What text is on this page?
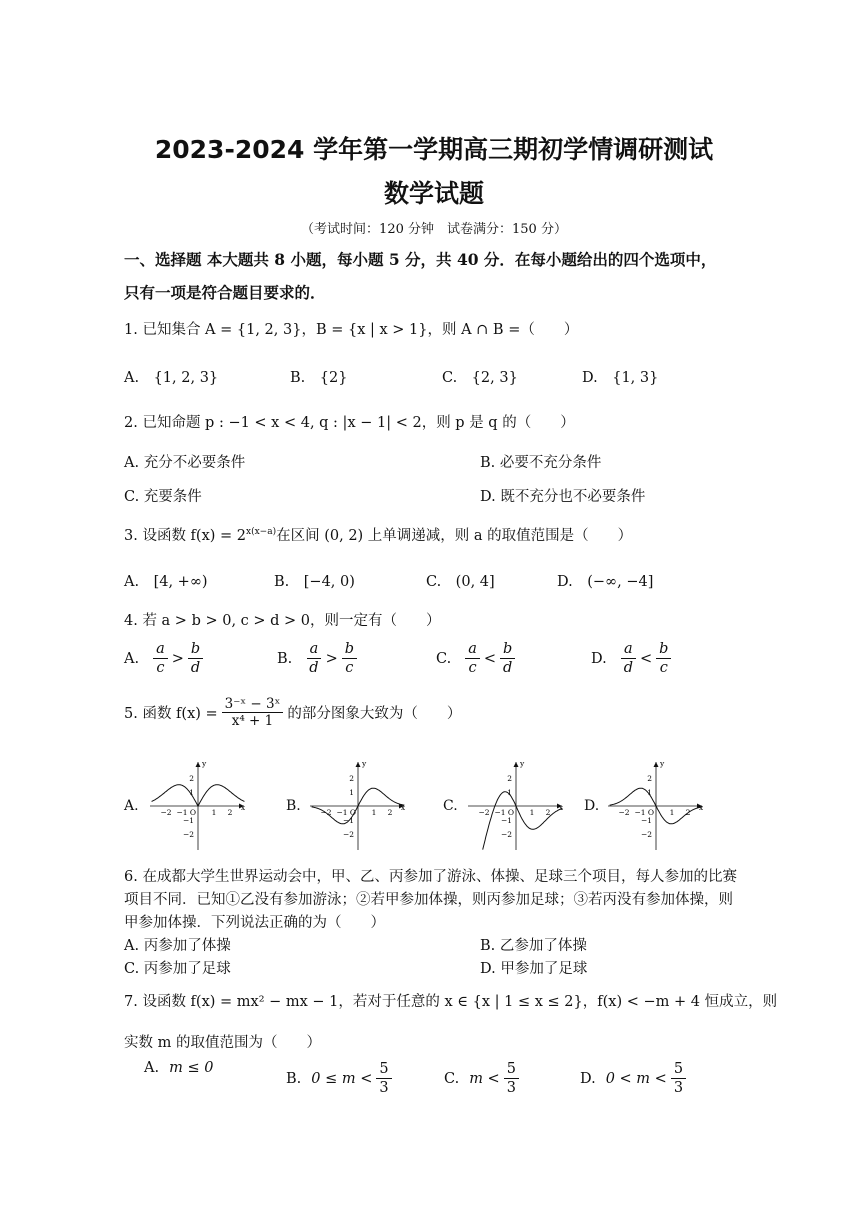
2023-2024 学年第一学期高三期初学情调研测试
数学试题
（考试时间：120 分钟　试卷满分：150 分）
一、选择题 本大题共 8 小题，每小题 5 分，共 40 分．在每小题给出的四个选项中，
只有一项是符合题目要求的．
1. 已知集合 A = {1, 2, 3}，B = {x | x > 1}，则 A ∩ B =（　　）
A.　{1, 2, 3}	B.　{2}	C.　{2, 3}	D.　{1, 3}
2. 已知命题 p : −1 < x < 4, q : |x − 1| < 2，则 p 是 q 的（　　）
A. 充分不必要条件	B. 必要不充分条件
C. 充要条件	D. 既不充分也不必要条件
3. 设函数 $f(x) = 2^{x(x-a)}$在区间 (0, 2) 上单调递减，则 a 的取值范围是（　　）
A.　[4, +∞)	B.　[−4, 0)	C.　(0, 4]	D.　(−∞, −4]
4. 若 a > b > 0, c > d > 0，则一定有（　　）
A. $\frac{a}{c} > \frac{b}{d}$	B. $\frac{a}{d} > \frac{b}{c}$	C. $\frac{a}{c} < \frac{b}{d}$	D. $\frac{a}{d} < \frac{b}{c}$
5. 函数 $f(x) = \frac{\text{3⁻ˣ − 3ˣ}}{\text{x⁴ + 1}}$ 的部分图象大致为（　　）
A.	−2 −1 O 1 2
x
y
2
1
−1
−2
B.	−2 −1 O 1 2
x
y
2
1
−1
−2
C.	−2 −1 O 1 2
x
y
2
1
−1
−2
D.	−2 −1 O 1 2
x
y
2
1
−1
−2
6. 在成都大学生世界运动会中，甲、乙、丙参加了游泳、体操、足球三个项目，每人参加的比赛
项目不同．已知①乙没有参加游泳；②若甲参加体操，则丙参加足球；③若丙没有参加体操，则
甲参加体操．下列说法正确的为（　　）
A. 丙参加了体操	B. 乙参加了体操
C. 丙参加了足球	D. 甲参加了足球
7. 设函数 f(x) = mx² − mx − 1，若对于任意的 x ∈ {x | 1 ≤ x ≤ 2}，f(x) < −m + 4 恒成立，则
实数 m 的取值范围为（　　）
A. m ≤ 0
B. $0 \le m < \frac{5}{3}$	C. $m < \frac{5}{3}$	D. $0 < m < \frac{5}{3}$
